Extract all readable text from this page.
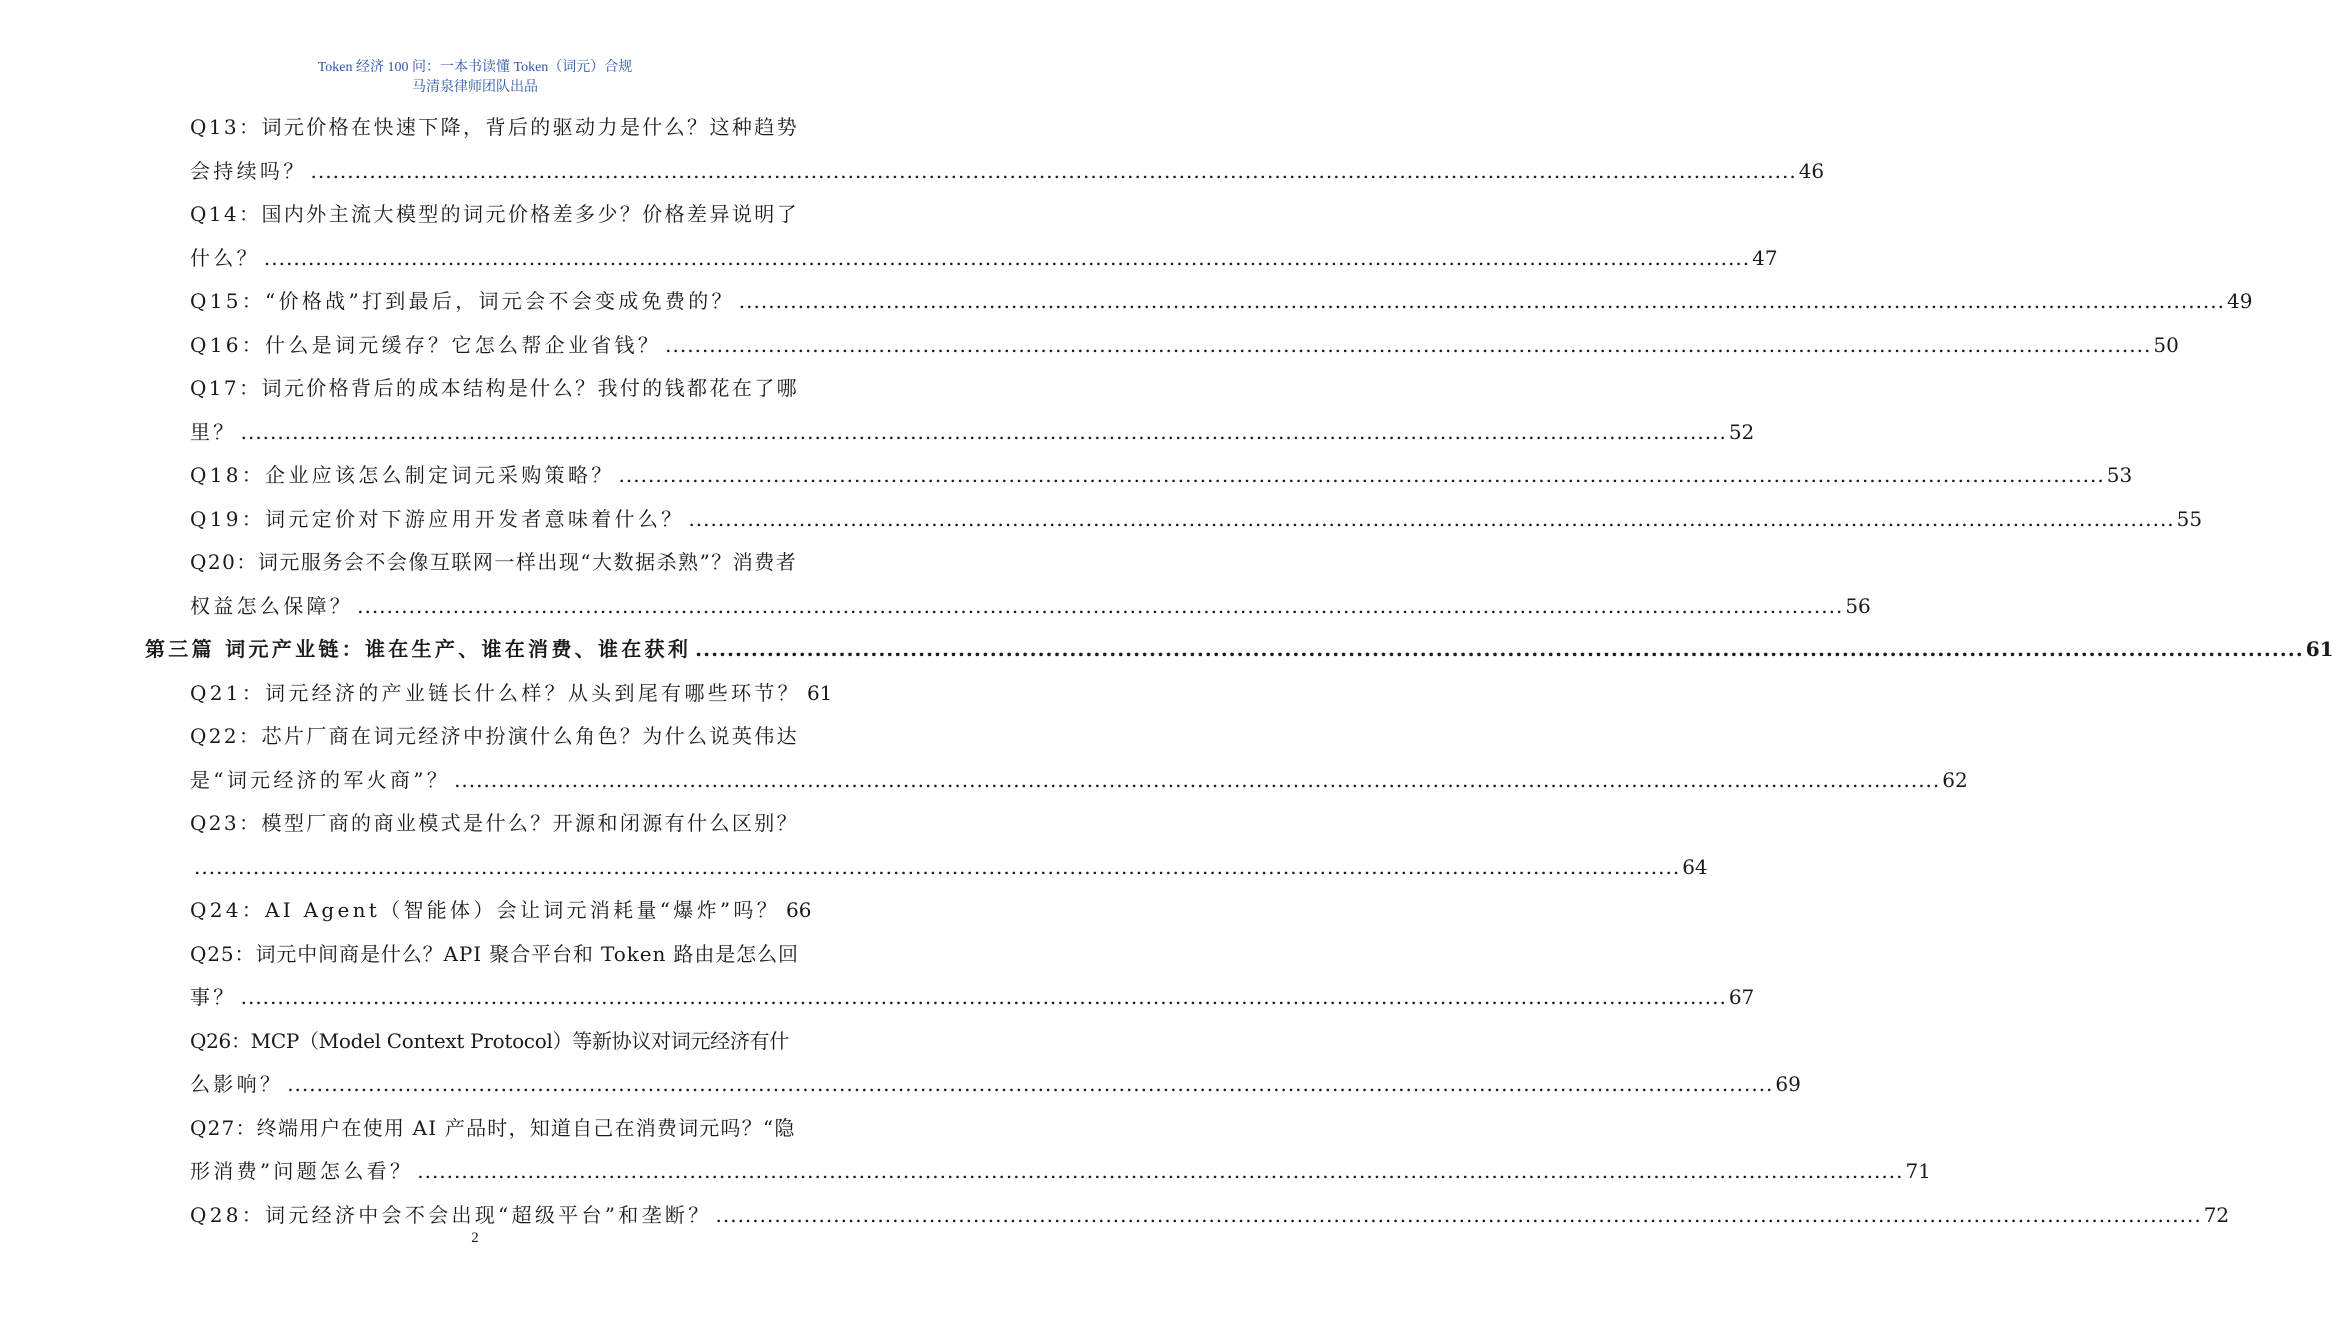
Token 经济 100 问：一本书读懂 Token（词元）合规
马清泉律师团队出品
Q13：词元价格在快速下降，背后的驱动力是什么？这种趋势
会持续吗？ .......................................................................................................................................................................................................... 46
Q14：国内外主流大模型的词元价格差多少？价格差异说明了
什么？ .......................................................................................................................................................................................................... 47
Q15：“价格战”打到最后，词元会不会变成免费的？ .......................................................................................................................................................................................................... 49
Q16：什么是词元缓存？它怎么帮企业省钱？ .......................................................................................................................................................................................................... 50
Q17：词元价格背后的成本结构是什么？我付的钱都花在了哪
里？ .......................................................................................................................................................................................................... 52
Q18：企业应该怎么制定词元采购策略？ .......................................................................................................................................................................................................... 53
Q19：词元定价对下游应用开发者意味着什么？ .......................................................................................................................................................................................................... 55
Q20：词元服务会不会像互联网一样出现“大数据杀熟”？消费者
权益怎么保障？ .......................................................................................................................................................................................................... 56
第三篇 词元产业链：谁在生产、谁在消费、谁在获利 .......................................................................................................................................................................................................... 61
Q21：词元经济的产业链长什么样？从头到尾有哪些环节？ 61
Q22：芯片厂商在词元经济中扮演什么角色？为什么说英伟达
是“词元经济的军火商”？ .......................................................................................................................................................................................................... 62
Q23：模型厂商的商业模式是什么？开源和闭源有什么区别？
.......................................................................................................................................................................................................... 64
Q24：AI Agent（智能体）会让词元消耗量“爆炸”吗？ 66
Q25：词元中间商是什么？API 聚合平台和 Token 路由是怎么回
事？ .......................................................................................................................................................................................................... 67
Q26：MCP（Model Context Protocol）等新协议对词元经济有什
么影响？ .......................................................................................................................................................................................................... 69
Q27：终端用户在使用 AI 产品时，知道自己在消费词元吗？“隐
形消费”问题怎么看？ .......................................................................................................................................................................................................... 71
Q28：词元经济中会不会出现“超级平台”和垄断？ .......................................................................................................................................................................................................... 72
2
